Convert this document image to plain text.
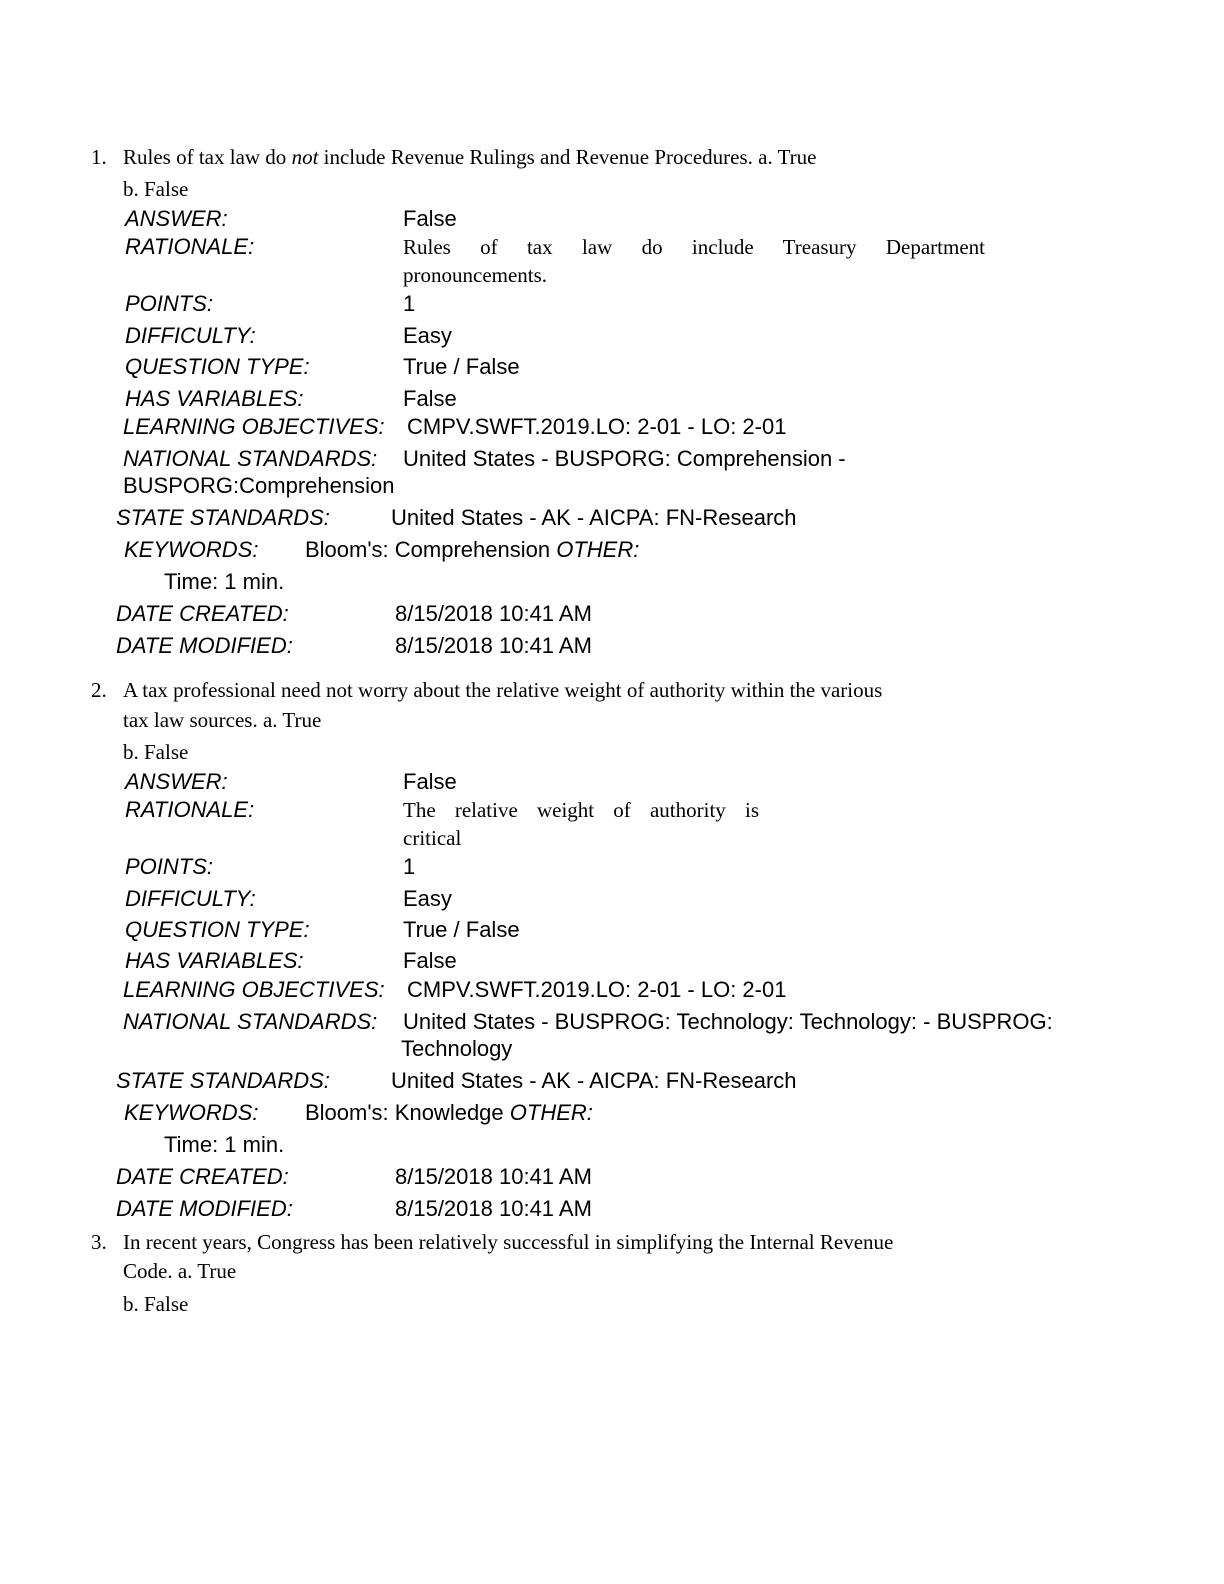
1. Rules of tax law do not include Revenue Rulings and Revenue Procedures. a. True
b. False
ANSWER:	False
RATIONALE:	Rules of tax law do include Treasury Department
pronouncements.
POINTS:	1
DIFFICULTY:	Easy
QUESTION TYPE:	True / False
HAS VARIABLES:	False
LEARNING OBJECTIVES: CMPV.SWFT.2019.LO: 2-01 - LO: 2-01
NATIONAL STANDARDS: United States - BUSPORG: Comprehension -
BUSPORG:Comprehension
STATE STANDARDS:	United States - AK - AICPA: FN-Research
KEYWORDS: Bloom's: Comprehension OTHER:
Time: 1 min.
DATE CREATED:	8/15/2018 10:41 AM
DATE MODIFIED:	8/15/2018 10:41 AM
2. A tax professional need not worry about the relative weight of authority within the various
tax law sources. a. True
b. False
ANSWER:	False
RATIONALE:	The relative weight of authority is
critical
POINTS:	1
DIFFICULTY:	Easy
QUESTION TYPE:	True / False
HAS VARIABLES:	False
LEARNING OBJECTIVES: CMPV.SWFT.2019.LO: 2-01 - LO: 2-01
NATIONAL STANDARDS: United States - BUSPROG: Technology: Technology: - BUSPROG:
Technology
STATE STANDARDS:	United States - AK - AICPA: FN-Research
KEYWORDS: Bloom's: Knowledge OTHER:
Time: 1 min.
DATE CREATED:	8/15/2018 10:41 AM
DATE MODIFIED:	8/15/2018 10:41 AM
3. In recent years, Congress has been relatively successful in simplifying the Internal Revenue
Code. a. True
b. False
